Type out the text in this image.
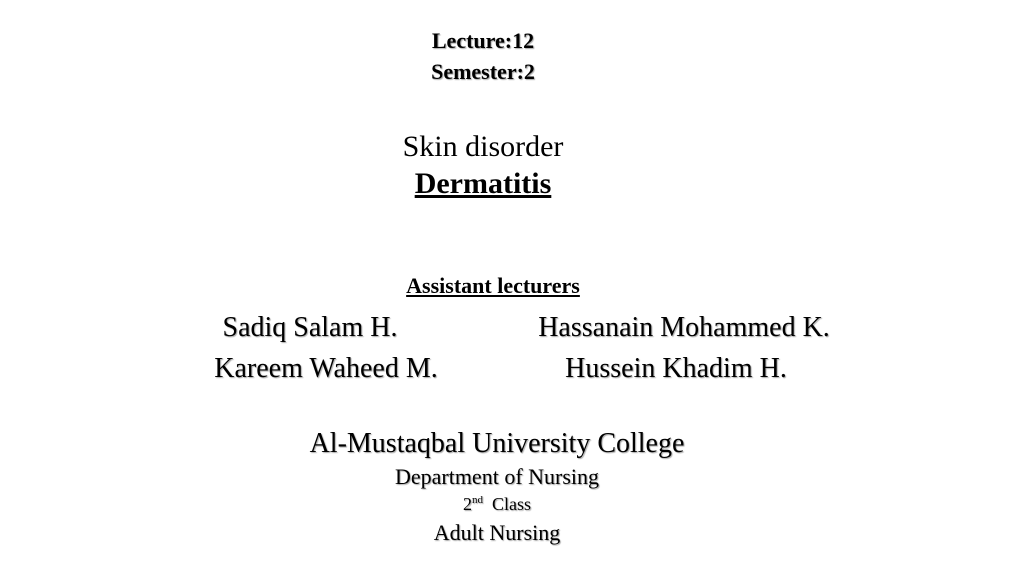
Lecture:12
Semester:2
Skin disorder
Dermatitis
Assistant lecturers
Sadiq Salam H.	Hassanain Mohammed K.
Kareem Waheed M.	Hussein Khadim H.
Al-Mustaqbal University College
Department of Nursing
2nd Class
Adult Nursing
